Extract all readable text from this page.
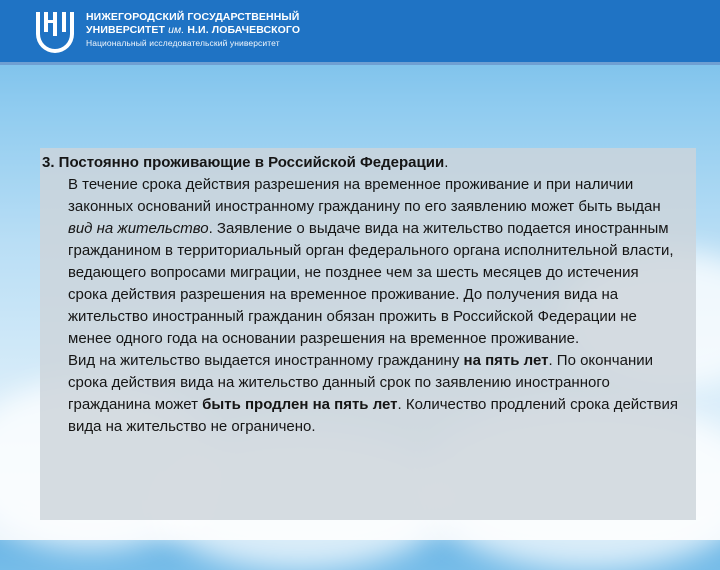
НИЖЕГОРОДСКИЙ ГОСУДАРСТВЕННЫЙ
УНИВЕРСИТЕТ им. Н.И. ЛОБАЧЕВСКОГО
Национальный исследовательский университет

3. Постоянно проживающие в Российской Федерации.

В течение срока действия разрешения на временное проживание и при наличии законных оснований иностранному гражданину по его заявлению может быть выдан вид на жительство. Заявление о выдаче вида на жительство подается иностранным гражданином в территориальный орган федерального органа исполнительной власти, ведающего вопросами миграции, не позднее чем за шесть месяцев до истечения срока действия разрешения на временное проживание. До получения вида на жительство иностранный гражданин обязан прожить в Российской Федерации не менее одного года на основании разрешения на временное проживание.

Вид на жительство выдается иностранному гражданину на пять лет. По окончании срока действия вида на жительство данный срок по заявлению иностранного гражданина может быть продлен на пять лет. Количество продлений срока действия вида на жительство не ограничено.
